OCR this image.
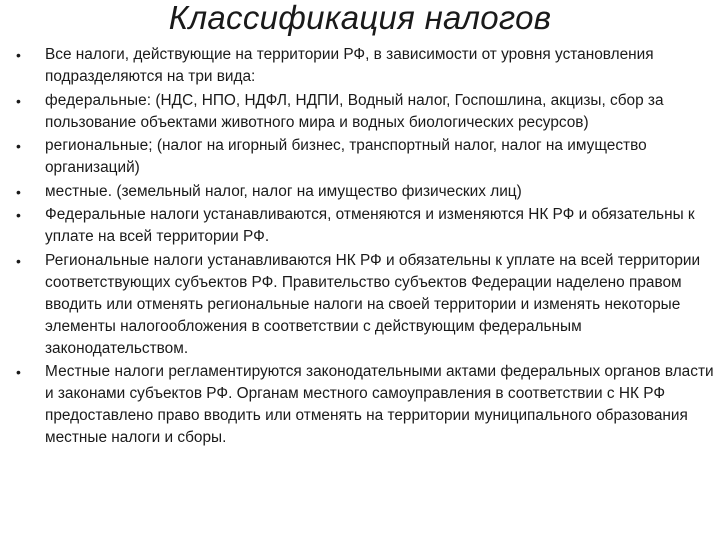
Классификация налогов
• Все налоги, действующие на территории РФ, в зависимости от уровня установления подразделяются на три вида:
• федеральные: (НДС, НПО, НДФЛ, НДПИ, Водный налог, Госпошлина, акцизы, сбор за пользование объектами животного мира и водных биологических ресурсов)
• региональные; (налог на игорный бизнес, транспортный налог, налог на имущество организаций)
• местные. (земельный налог, налог на имущество физических лиц)
• Федеральные налоги устанавливаются, отменяются и изменяются НК РФ и обязательны к уплате на всей территории РФ.
• Региональные налоги устанавливаются НК РФ и обязательны к уплате на всей территории соответствующих субъектов РФ. Правительство субъектов Федерации наделено правом вводить или отменять региональные налоги на своей территории и изменять некоторые элементы налогообложения в соответствии с действующим федеральным законодательством.
• Местные налоги регламентируются законодательными актами федеральных органов власти и законами субъектов РФ. Органам местного самоуправления в соответствии с НК РФ предоставлено право вводить или отменять на территории муниципального образования местные налоги и сборы.
